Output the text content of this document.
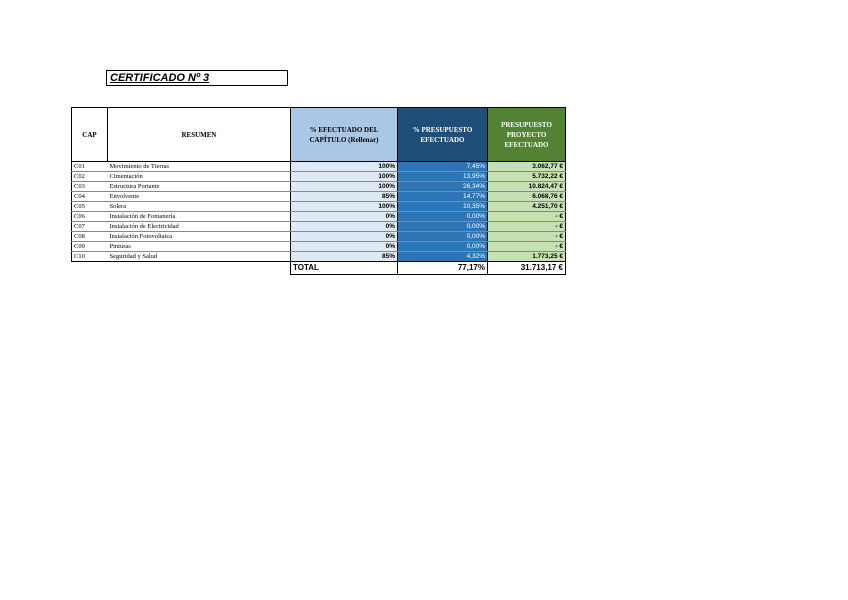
CERTIFICADO Nº 3
CAP	RESUMEN	% EFECTUADO DEL CAPÍTULO (Rellenar)	% PRESUPUESTO EFECTUADO	PRESUPUESTO PROYECTO EFECTUADO
C01	Movimiento de Tierras	100%	7,45%	3.062,77 €
C02	Cimentación	100%	13,95%	5.732,22 €
C03	Estructura Portante	100%	26,34%	10.824,47 €
C04	Envolvente	85%	14,77%	6.068,76 €
C05	Solera	100%	10,35%	4.251,70 €
C06	Instalación de Fontanería	0%	0,00%	- €
C07	Instalación de Electricidad	0%	0,00%	- €
C08	Instalación Fotovoltaica	0%	0,00%	- €
C09	Pinturas	0%	0,00%	- €
C10	Seguridad y Salud	85%	4,32%	1.773,25 €
		TOTAL	77,17%	31.713,17 €
